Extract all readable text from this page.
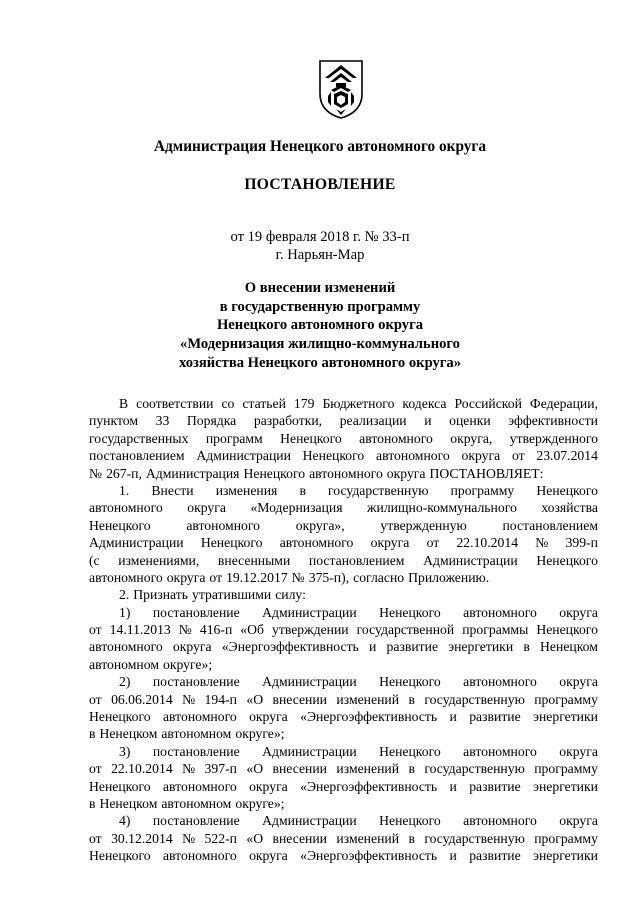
Администрация Ненецкого автономного округа
ПОСТАНОВЛЕНИЕ
от 19 февраля 2018 г. № 33-п
г. Нарьян-Мар
О внесении изменений
в государственную программу
Ненецкого автономного округа
«Модернизация жилищно-коммунального
хозяйства Ненецкого автономного округа»
В соответствии со статьей 179 Бюджетного кодекса Российской Федерации,
пунктом 33 Порядка разработки, реализации и оценки эффективности
государственных программ Ненецкого автономного округа, утвержденного
постановлением Администрации Ненецкого автономного округа от 23.07.2014
№ 267-п, Администрация Ненецкого автономного округа ПОСТАНОВЛЯЕТ:
1. Внести изменения в государственную программу Ненецкого
автономного округа «Модернизация жилищно-коммунального хозяйства
Ненецкого	автономного	округа»,	утвержденную	постановлением
Администрации Ненецкого автономного округа от 22.10.2014 № 399-п
(с изменениями, внесенными постановлением Администрации Ненецкого
автономного округа от 19.12.2017 № 375-п), согласно Приложению.
2. Признать утратившими силу:
1) постановление Администрации Ненецкого автономного округа
от 14.11.2013 № 416-п «Об утверждении государственной программы Ненецкого
автономного округа «Энергоэффективность и развитие энергетики в Ненецком
автономном округе»;
2) постановление Администрации Ненецкого автономного округа
от 06.06.2014 № 194-п «О внесении изменений в государственную программу
Ненецкого автономного округа «Энергоэффективность и развитие энергетики
в Ненецком автономном округе»;
3) постановление Администрации Ненецкого автономного округа
от 22.10.2014 № 397-п «О внесении изменений в государственную программу
Ненецкого автономного округа «Энергоэффективность и развитие энергетики
в Ненецком автономном округе»;
4) постановление Администрации Ненецкого автономного округа
от 30.12.2014 № 522-п «О внесении изменений в государственную программу
Ненецкого автономного округа «Энергоэффективность и развитие энергетики
